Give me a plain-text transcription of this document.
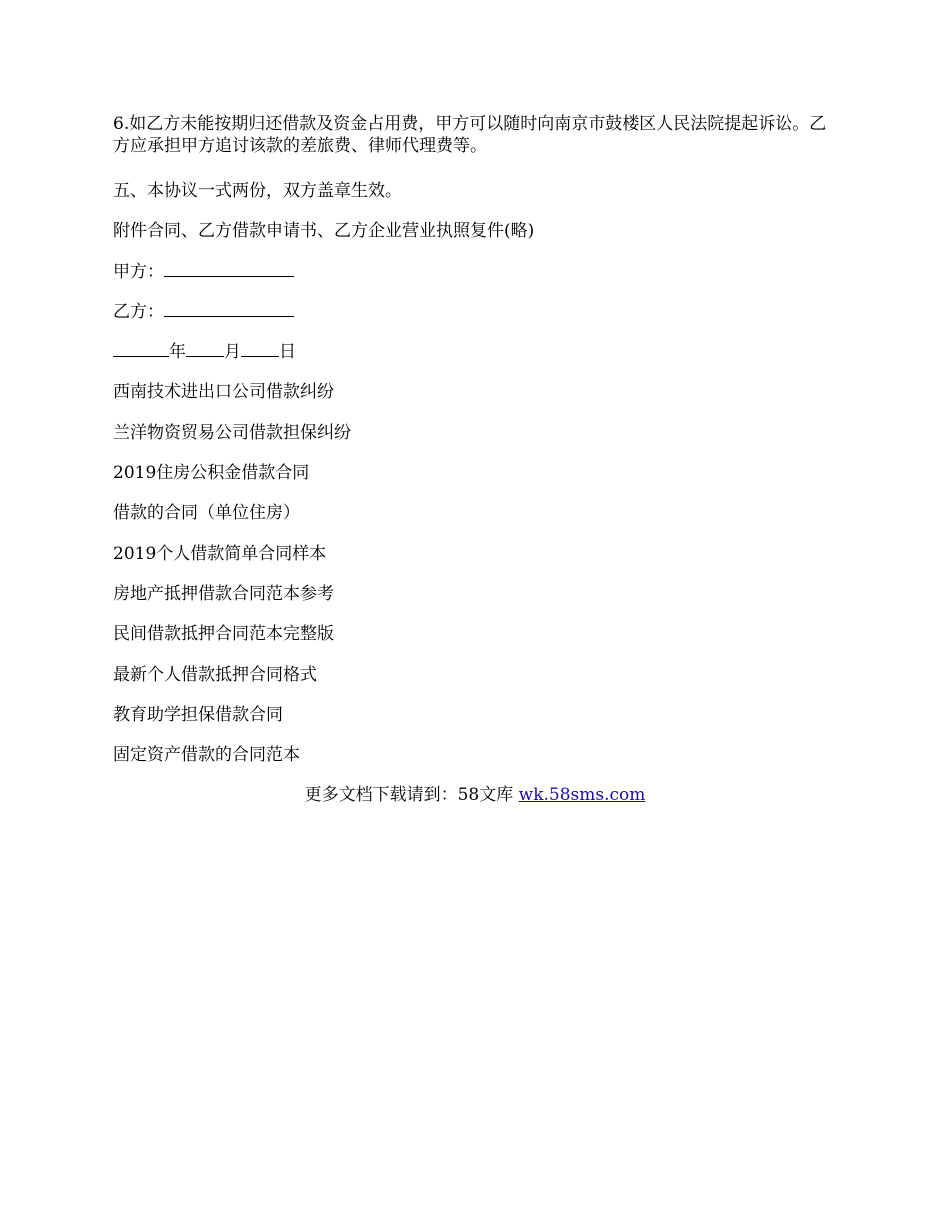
6.如乙方未能按期归还借款及资金占用费，甲方可以随时向南京市鼓楼区人民法院提起诉讼。乙方应承担甲方追讨该款的差旅费、律师代理费等。

五、本协议一式两份，双方盖章生效。
附件合同、乙方借款申请书、乙方企业营业执照复件(略)
甲方：
乙方：
年 月 日
西南技术进出口公司借款纠纷
兰洋物资贸易公司借款担保纠纷
2019住房公积金借款合同
借款的合同（单位住房）
2019个人借款简单合同样本
房地产抵押借款合同范本参考
民间借款抵押合同范本完整版
最新个人借款抵押合同格式
教育助学担保借款合同
固定资产借款的合同范本
更多文档下载请到：58文库 wk.58sms.com
